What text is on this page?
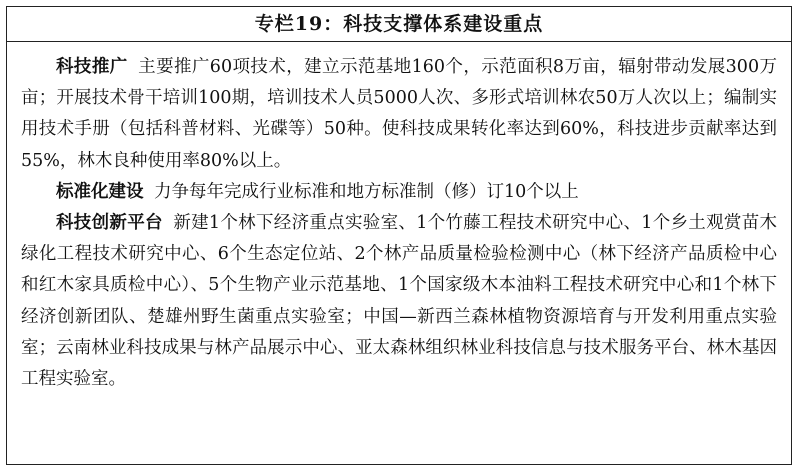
专栏19：科技支撑体系建设重点

科技推广 主要推广60项技术，建立示范基地160个，示范面积8万亩，辐射带动发展300万亩；开展技术骨干培训100期，培训技术人员5000人次、多形式培训林农50万人次以上；编制实用技术手册（包括科普材料、光碟等）50种。使科技成果转化率达到60%，科技进步贡献率达到55%，林木良种使用率80%以上。

标准化建设 力争每年完成行业标准和地方标准制（修）订10个以上

科技创新平台 新建1个林下经济重点实验室、1个竹藤工程技术研究中心、1个乡土观赏苗木绿化工程技术研究中心、6个生态定位站、2个林产品质量检验检测中心（林下经济产品质检中心和红木家具质检中心）、5个生物产业示范基地、1个国家级木本油料工程技术研究中心和1个林下经济创新团队、楚雄州野生菌重点实验室；中国—新西兰森林植物资源培育与开发利用重点实验室；云南林业科技成果与林产品展示中心、亚太森林组织林业科技信息与技术服务平台、林木基因工程实验室。
